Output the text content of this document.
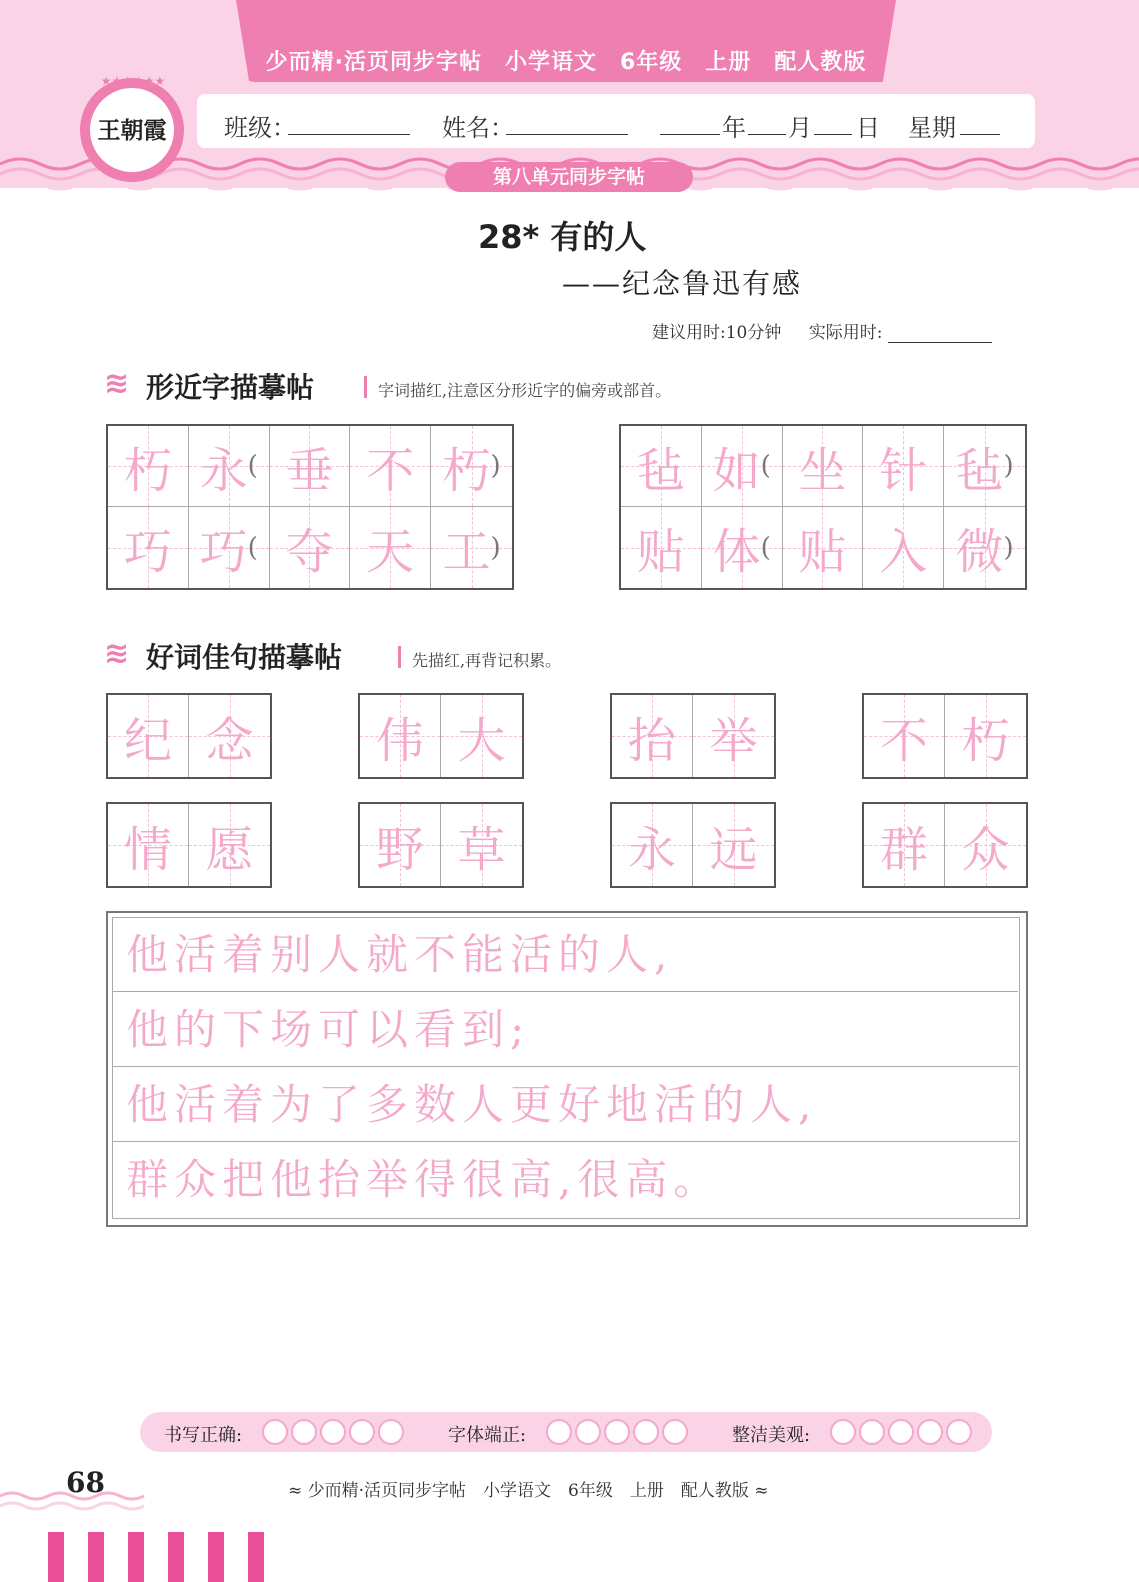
少而精·活页同步字帖　小学语文　6年级　上册　配人教版
班级：	姓名：	年 月 日 星期
第八单元同步字帖
★★★★★★
王朝霞
28* 有的人
——纪念鲁迅有感
建议用时:10分钟 实际用时:
≋ 形近字描摹帖	字词描红,注意区分形近字的偏旁或部首。
朽 永 ( 垂 不 朽 )
巧 巧 ( 夺 天 工 )
毡 如 ( 坐 针 毡 )
贴 体 ( 贴 入 微 )
≋ 好词佳句描摹帖	先描红,再背记积累。
纪 念	伟 大	抬 举	不 朽
情 愿	野 草	永 远	群 众
他活着别人就不能活的人,
他的下场可以看到;
他活着为了多数人更好地活的人,
群众把他抬举得很高,很高。
书写正确:	字体端正:	整洁美观:
68	≈ 少而精·活页同步字帖　小学语文　6年级　上册　配人教版 ≈
